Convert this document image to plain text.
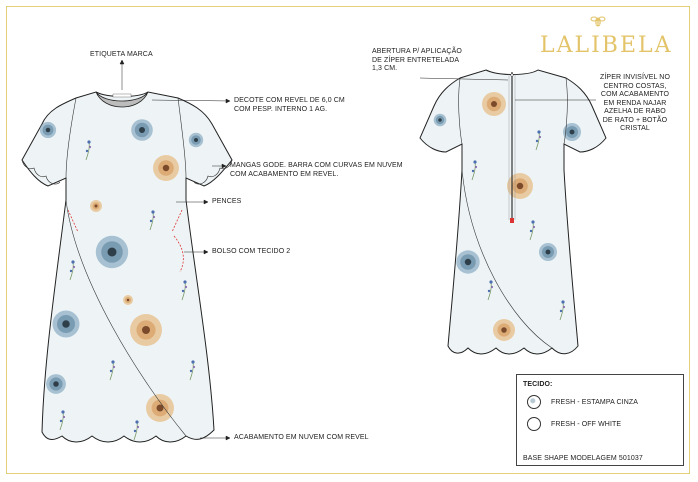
LALIBELA
ETIQUETA MARCA
DECOTE COM REVEL DE 6,0 CM
COM PESP. INTERNO 1 AG.
MANGAS GODE. BARRA COM CURVAS EM NUVEM
COM ACABAMENTO EM REVEL.
PENCES
BOLSO COM TECIDO 2
ACABAMENTO EM NUVEM COM REVEL
ABERTURA P/ APLICAÇÃO
DE ZÍPER ENTRETELADA
1,3 CM.
ZÍPER INVISÍVEL NO
CENTRO COSTAS,
COM ACABAMENTO
EM RENDA NAJAR
AZELHA DE RABO
DE RATO + BOTÃO
CRISTAL
TECIDO:
FRESH - ESTAMPA CINZA
FRESH - OFF WHITE
BASE SHAPE MODELAGEM 501037
